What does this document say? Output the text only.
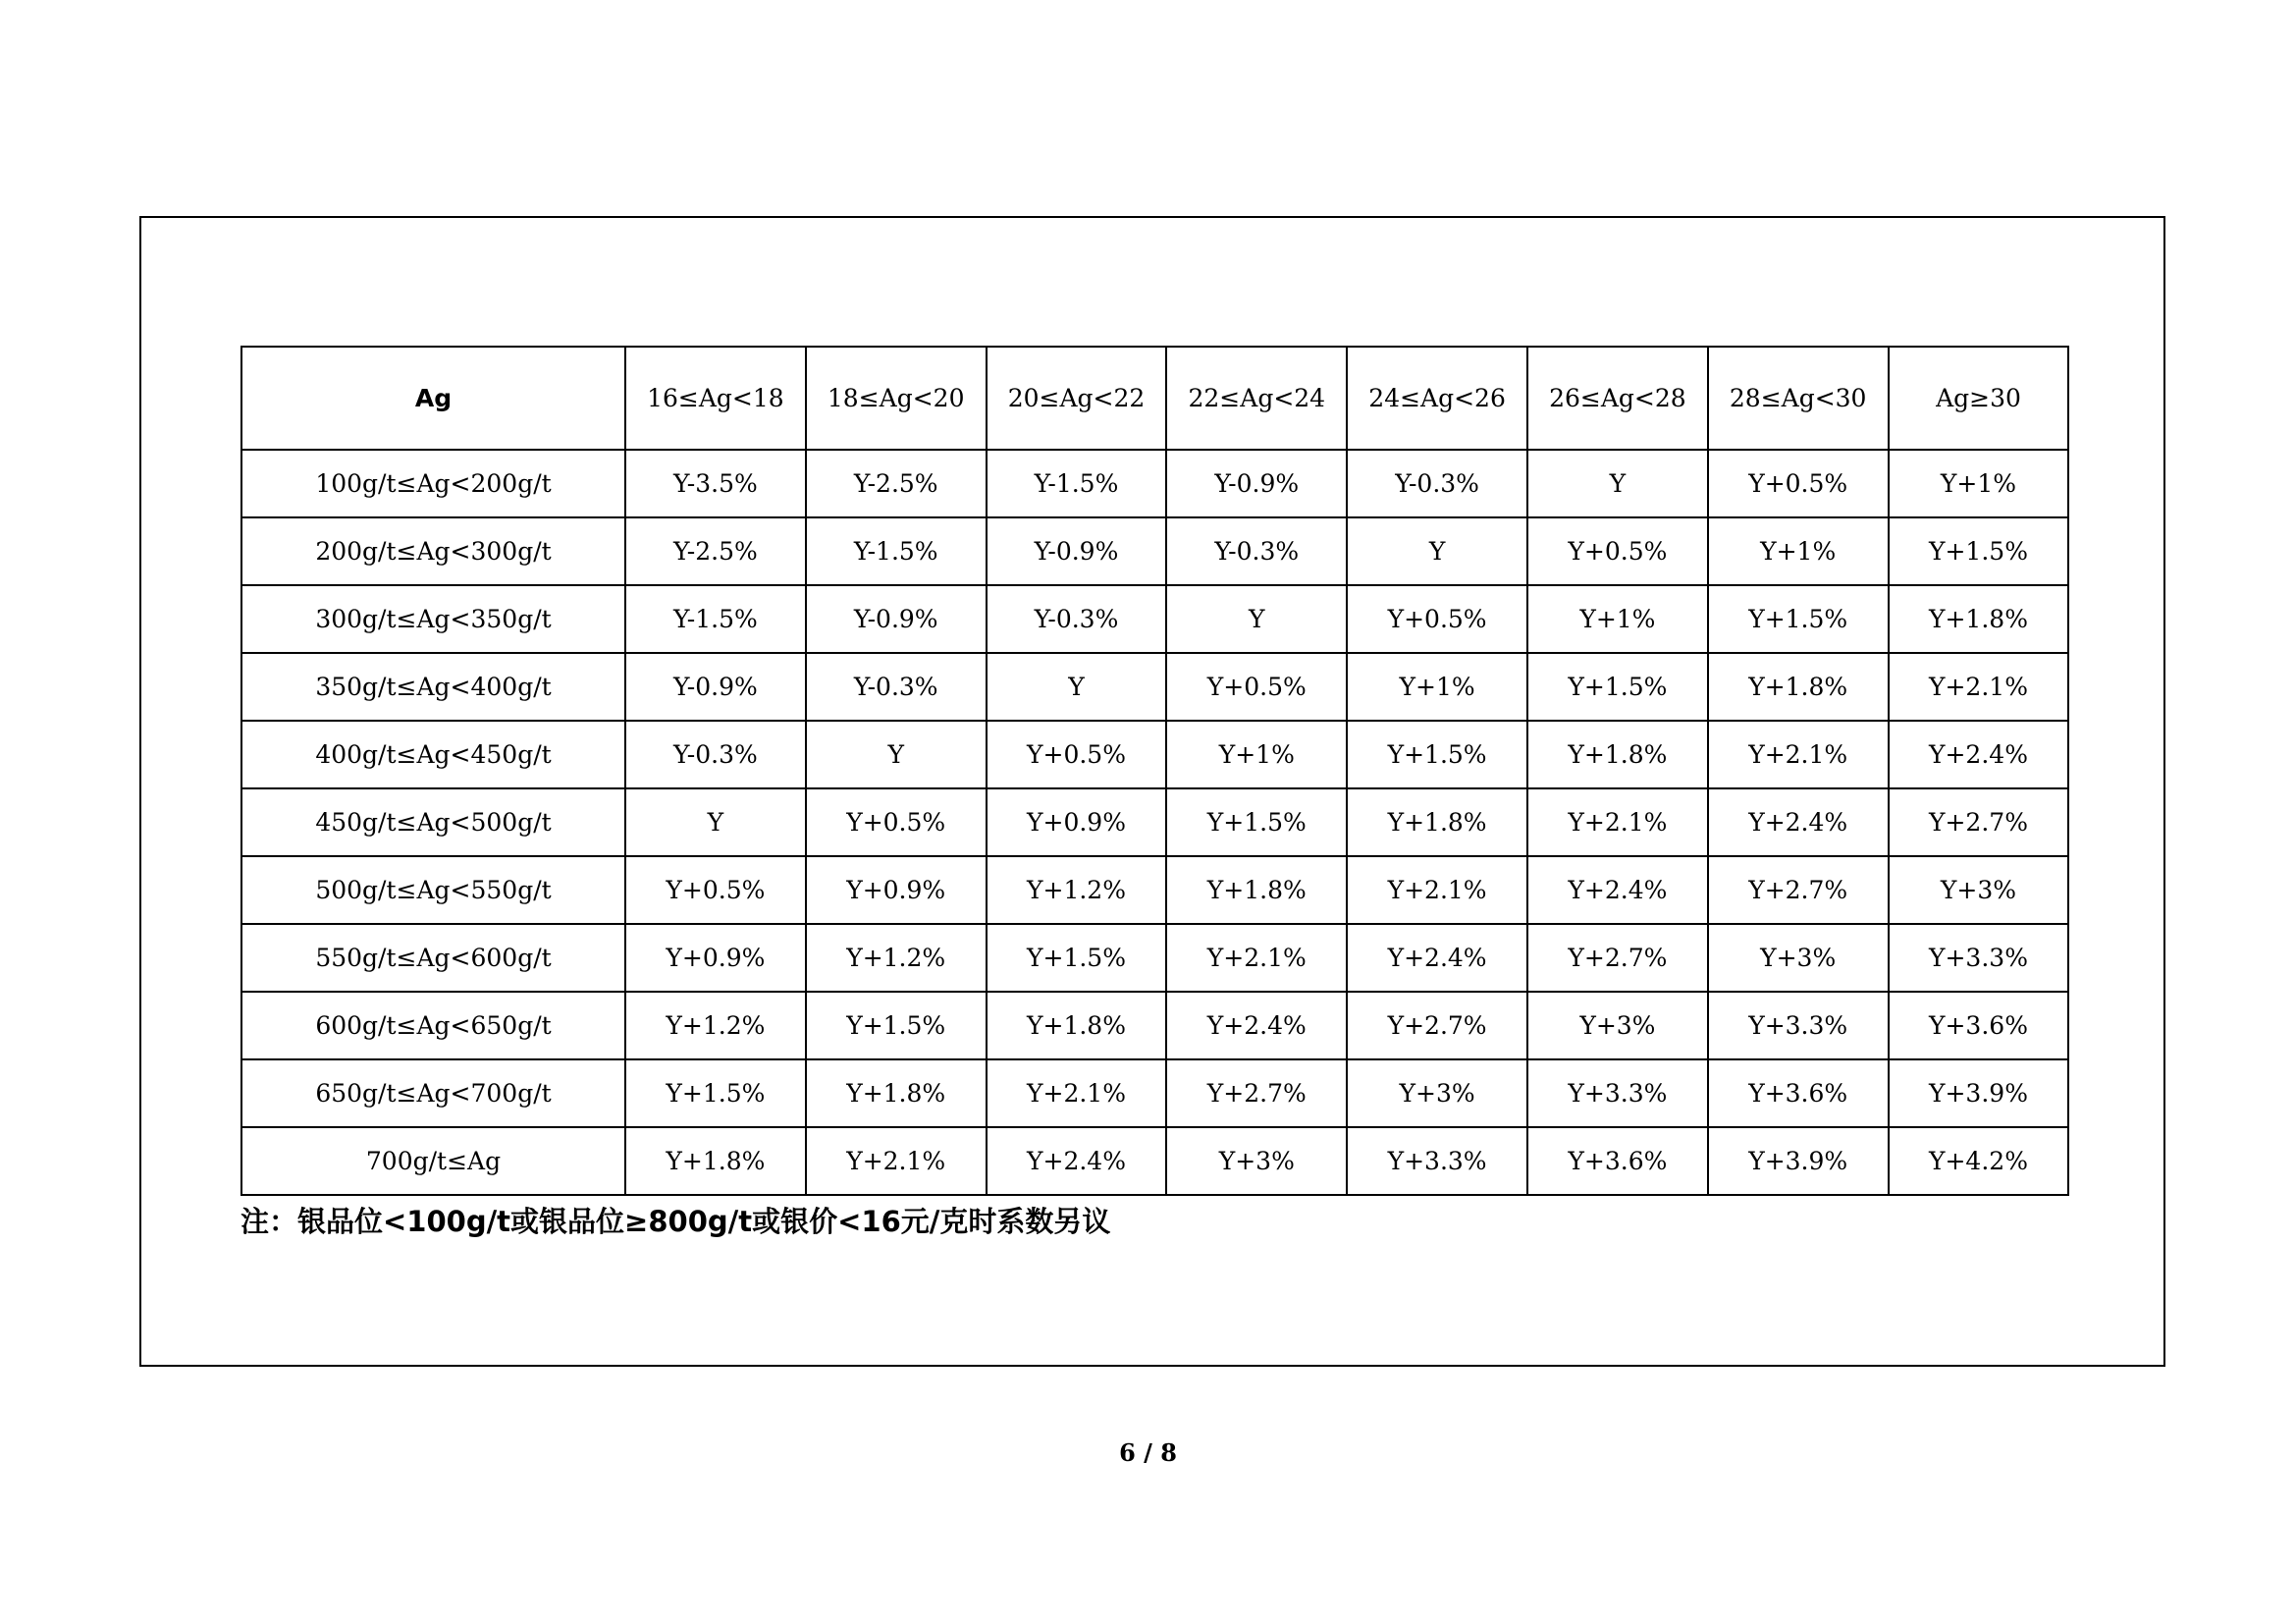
Ag	16≤Ag<18	18≤Ag<20	20≤Ag<22	22≤Ag<24	24≤Ag<26	26≤Ag<28	28≤Ag<30	Ag≥30
100g/t≤Ag<200g/t	Y-3.5%	Y-2.5%	Y-1.5%	Y-0.9%	Y-0.3%	Y	Y+0.5%	Y+1%
200g/t≤Ag<300g/t	Y-2.5%	Y-1.5%	Y-0.9%	Y-0.3%	Y	Y+0.5%	Y+1%	Y+1.5%
300g/t≤Ag<350g/t	Y-1.5%	Y-0.9%	Y-0.3%	Y	Y+0.5%	Y+1%	Y+1.5%	Y+1.8%
350g/t≤Ag<400g/t	Y-0.9%	Y-0.3%	Y	Y+0.5%	Y+1%	Y+1.5%	Y+1.8%	Y+2.1%
400g/t≤Ag<450g/t	Y-0.3%	Y	Y+0.5%	Y+1%	Y+1.5%	Y+1.8%	Y+2.1%	Y+2.4%
450g/t≤Ag<500g/t	Y	Y+0.5%	Y+0.9%	Y+1.5%	Y+1.8%	Y+2.1%	Y+2.4%	Y+2.7%
500g/t≤Ag<550g/t	Y+0.5%	Y+0.9%	Y+1.2%	Y+1.8%	Y+2.1%	Y+2.4%	Y+2.7%	Y+3%
550g/t≤Ag<600g/t	Y+0.9%	Y+1.2%	Y+1.5%	Y+2.1%	Y+2.4%	Y+2.7%	Y+3%	Y+3.3%
600g/t≤Ag<650g/t	Y+1.2%	Y+1.5%	Y+1.8%	Y+2.4%	Y+2.7%	Y+3%	Y+3.3%	Y+3.6%
650g/t≤Ag<700g/t	Y+1.5%	Y+1.8%	Y+2.1%	Y+2.7%	Y+3%	Y+3.3%	Y+3.6%	Y+3.9%
700g/t≤Ag	Y+1.8%	Y+2.1%	Y+2.4%	Y+3%	Y+3.3%	Y+3.6%	Y+3.9%	Y+4.2%
注：银品位<100g/t或银品位≥800g/t或银价<16元/克时系数另议
6 / 8
